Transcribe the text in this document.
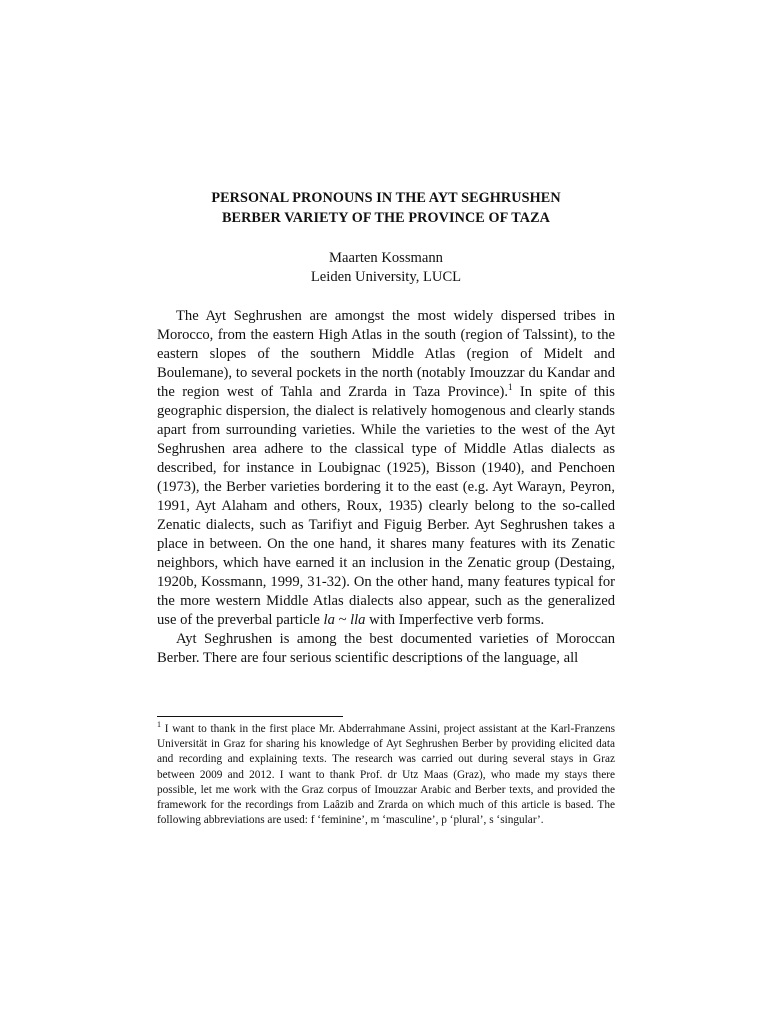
PERSONAL PRONOUNS IN THE AYT SEGHRUSHEN
BERBER VARIETY OF THE PROVINCE OF TAZA
Maarten Kossmann
Leiden University, LUCL

The Ayt Seghrushen are amongst the most widely dispersed tribes in Morocco, from the eastern High Atlas in the south (region of Talssint), to the eastern slopes of the southern Middle Atlas (region of Midelt and Boulemane), to several pockets in the north (notably Imouzzar du Kandar and the region west of Tahla and Zrarda in Taza Province).$^1$ In spite of this geographic dispersion, the dialect is relatively homogenous and clearly stands apart from surrounding varieties. While the varieties to the west of the Ayt Seghrushen area adhere to the classical type of Middle Atlas dialects as described, for instance in Loubignac (1925), Bisson (1940), and Penchoen (1973), the Berber varieties bordering it to the east (e.g. Ayt Warayn, Peyron, 1991, Ayt Alaham and others, Roux, 1935) clearly belong to the so-called Zenatic dialects, such as Tarifiyt and Figuig Berber. Ayt Seghrushen takes a place in between. On the one hand, it shares many features with its Zenatic neighbors, which have earned it an inclusion in the Zenatic group (Destaing, 1920b, Kossmann, 1999, 31-32). On the other hand, many features typical for the more western Middle Atlas dialects also appear, such as the generalized use of the preverbal particle la ~ lla with Imperfective verb forms.

Ayt Seghrushen is among the best documented varieties of Moroccan Berber. There are four serious scientific descriptions of the language, all

$^1$ I want to thank in the first place Mr. Abderrahmane Assini, project assistant at the Karl-Franzens Universität in Graz for sharing his knowledge of Ayt Seghrushen Berber by providing elicited data and recording and explaining texts. The research was carried out during several stays in Graz between 2009 and 2012. I want to thank Prof. dr Utz Maas (Graz), who made my stays there possible, let me work with the Graz corpus of Imouzzar Arabic and Berber texts, and provided the framework for the recordings from Laâzib and Zrarda on which much of this article is based. The following abbreviations are used: f ‘feminine’, m ‘masculine’, p ‘plural’, s ‘singular’.
